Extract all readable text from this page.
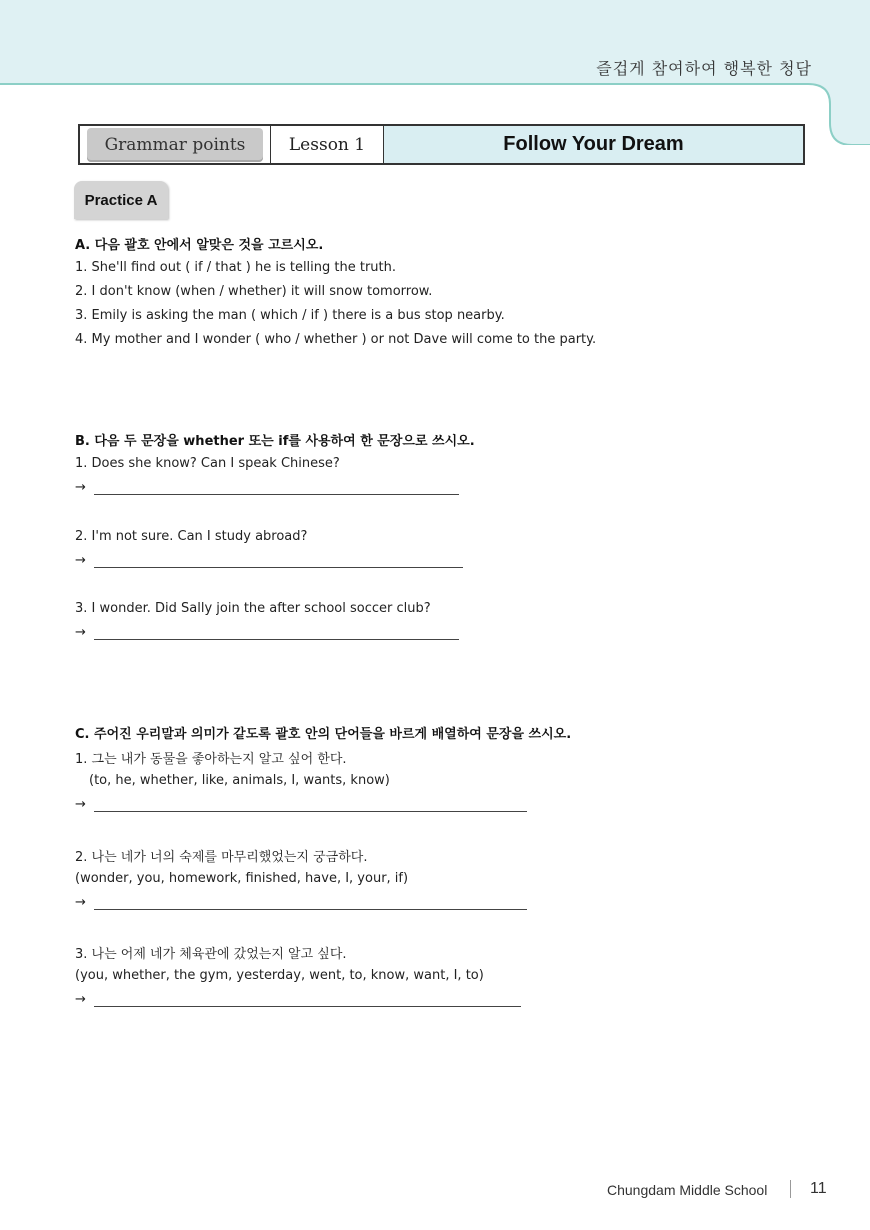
즐겁게 참여하여 행복한 청담
Grammar points	Lesson 1	Follow Your Dream
Practice A
A. 다음 괄호 안에서 알맞은 것을 고르시오.
1. She'll find out ( if / that ) he is telling the truth.
2. I don't know (when / whether) it will snow tomorrow.
3. Emily is asking the man ( which / if ) there is a bus stop nearby.
4. My mother and I wonder ( who / whether ) or not Dave will come to the party.
B. 다음 두 문장을 whether 또는 if를 사용하여 한 문장으로 쓰시오.
1. Does she know? Can I speak Chinese?
→
2. I'm not sure. Can I study abroad?
→
3. I wonder. Did Sally join the after school soccer club?
→
C. 주어진 우리말과 의미가 같도록 괄호 안의 단어들을 바르게 배열하여 문장을 쓰시오.
1. 그는 내가 동물을 좋아하는지 알고 싶어 한다.
(to, he, whether, like, animals, I, wants, know)
→
2. 나는 네가 너의 숙제를 마무리했었는지 궁금하다.
(wonder, you, homework, finished, have, I, your, if)
→
3. 나는 어제 네가 체육관에 갔었는지 알고 싶다.
(you, whether, the gym, yesterday, went, to, know, want, I, to)
→
Chungdam Middle School	11
